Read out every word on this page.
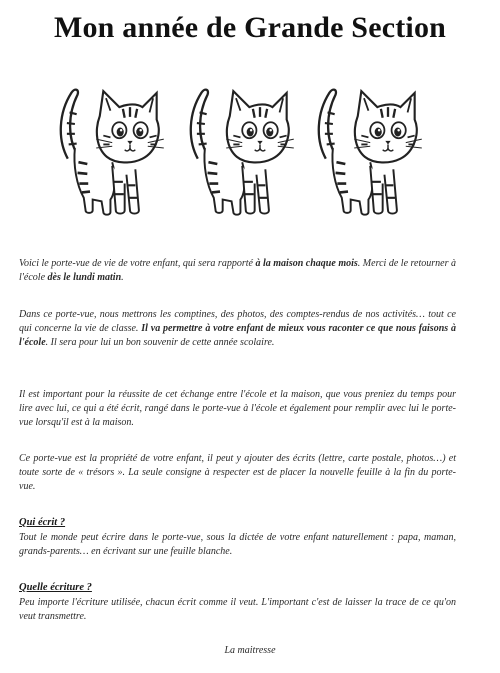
Mon année de Grande Section
Voici le porte-vue de vie de votre enfant, qui sera rapporté à la maison chaque mois. Merci de le retourner à l'école dès le lundi matin.
Dans ce porte-vue, nous mettrons les comptines, des photos, des comptes-rendus de nos activités… tout ce qui concerne la vie de classe. Il va permettre à votre enfant de mieux vous raconter ce que nous faisons à l'école. Il sera pour lui un bon souvenir de cette année scolaire.
Il est important pour la réussite de cet échange entre l'école et la maison, que vous preniez du temps pour lire avec lui, ce qui a été écrit, rangé dans le porte-vue à l'école et également pour remplir avec lui le porte-vue lorsqu'il est à la maison.
Ce porte-vue est la propriété de votre enfant, il peut y ajouter des écrits (lettre, carte postale, photos…) et toute sorte de « trésors ». La seule consigne à respecter est de placer la nouvelle feuille à la fin du porte-vue.
Qui écrit ?
Tout le monde peut écrire dans le porte-vue, sous la dictée de votre enfant naturellement : papa, maman, grands-parents… en écrivant sur une feuille blanche.
Quelle écriture ?
Peu importe l'écriture utilisée, chacun écrit comme il veut. L'important c'est de laisser la trace de ce qu'on veut transmettre.
La maitresse
